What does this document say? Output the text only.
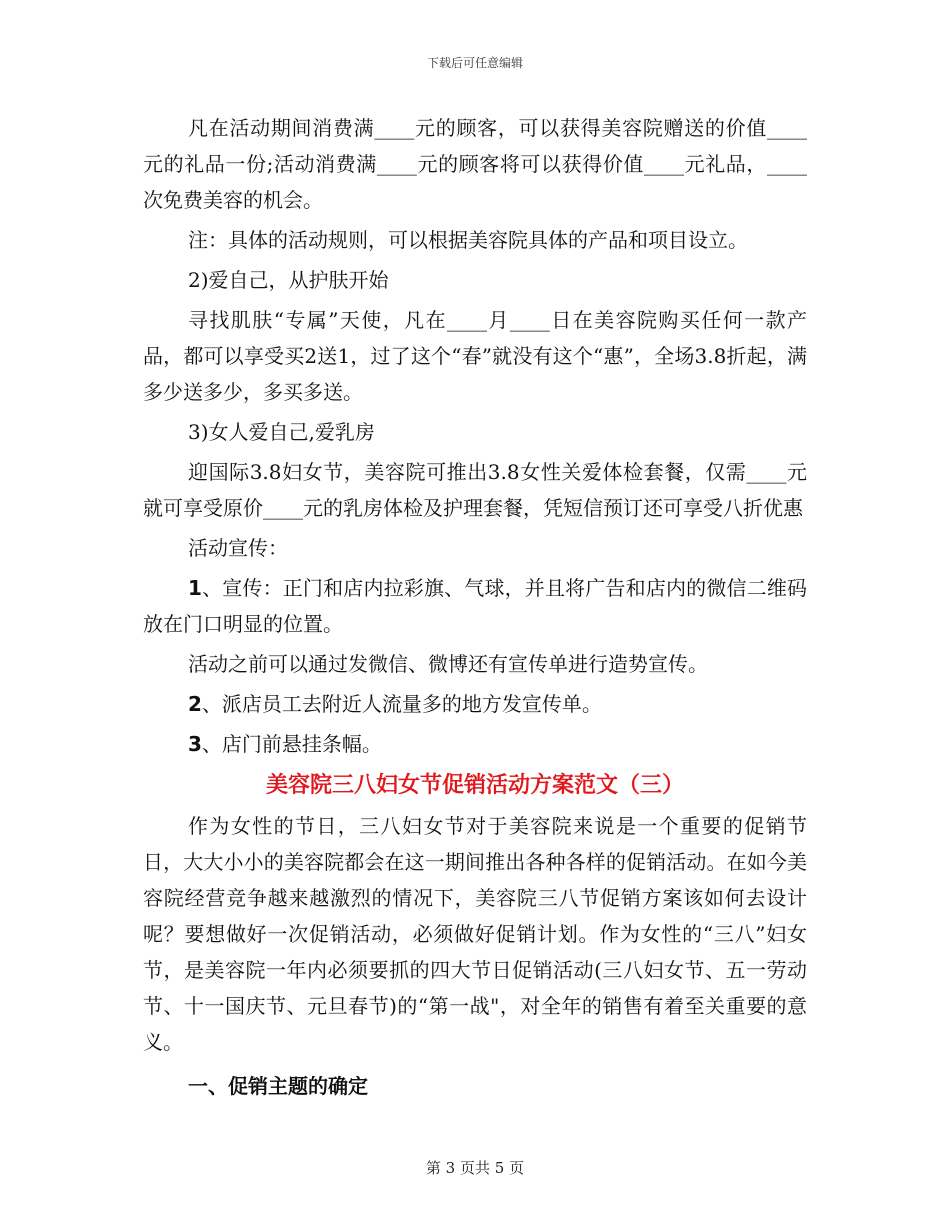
下载后可任意编辑

凡在活动期间消费满____元的顾客，可以获得美容院赠送的价值____元的礼品一份;活动消费满____元的顾客将可以获得价值____元礼品，____次免费美容的机会。

注：具体的活动规则，可以根据美容院具体的产品和项目设立。

2)爱自己，从护肤开始

寻找肌肤“专属”天使，凡在____月____日在美容院购买任何一款产品，都可以享受买2送1，过了这个“春”就没有这个“惠”，全场3.8折起，满多少送多少，多买多送。

3)女人爱自己,爱乳房

迎国际3.8妇女节，美容院可推出3.8女性关爱体检套餐，仅需____元就可享受原价____元的乳房体检及护理套餐，凭短信预订还可享受八折优惠

活动宣传：

1、宣传：正门和店内拉彩旗、气球，并且将广告和店内的微信二维码放在门口明显的位置。

活动之前可以通过发微信、微博还有宣传单进行造势宣传。

2、派店员工去附近人流量多的地方发宣传单。

3、店门前悬挂条幅。

美容院三八妇女节促销活动方案范文（三）

作为女性的节日，三八妇女节对于美容院来说是一个重要的促销节日，大大小小的美容院都会在这一期间推出各种各样的促销活动。在如今美容院经营竞争越来越激烈的情况下，美容院三八节促销方案该如何去设计呢？要想做好一次促销活动，必须做好促销计划。作为女性的“三八”妇女节，是美容院一年内必须要抓的四大节日促销活动(三八妇女节、五一劳动节、十一国庆节、元旦春节)的“第一战"，对全年的销售有着至关重要的意义。

一、促销主题的确定

第 3 页共 5 页
